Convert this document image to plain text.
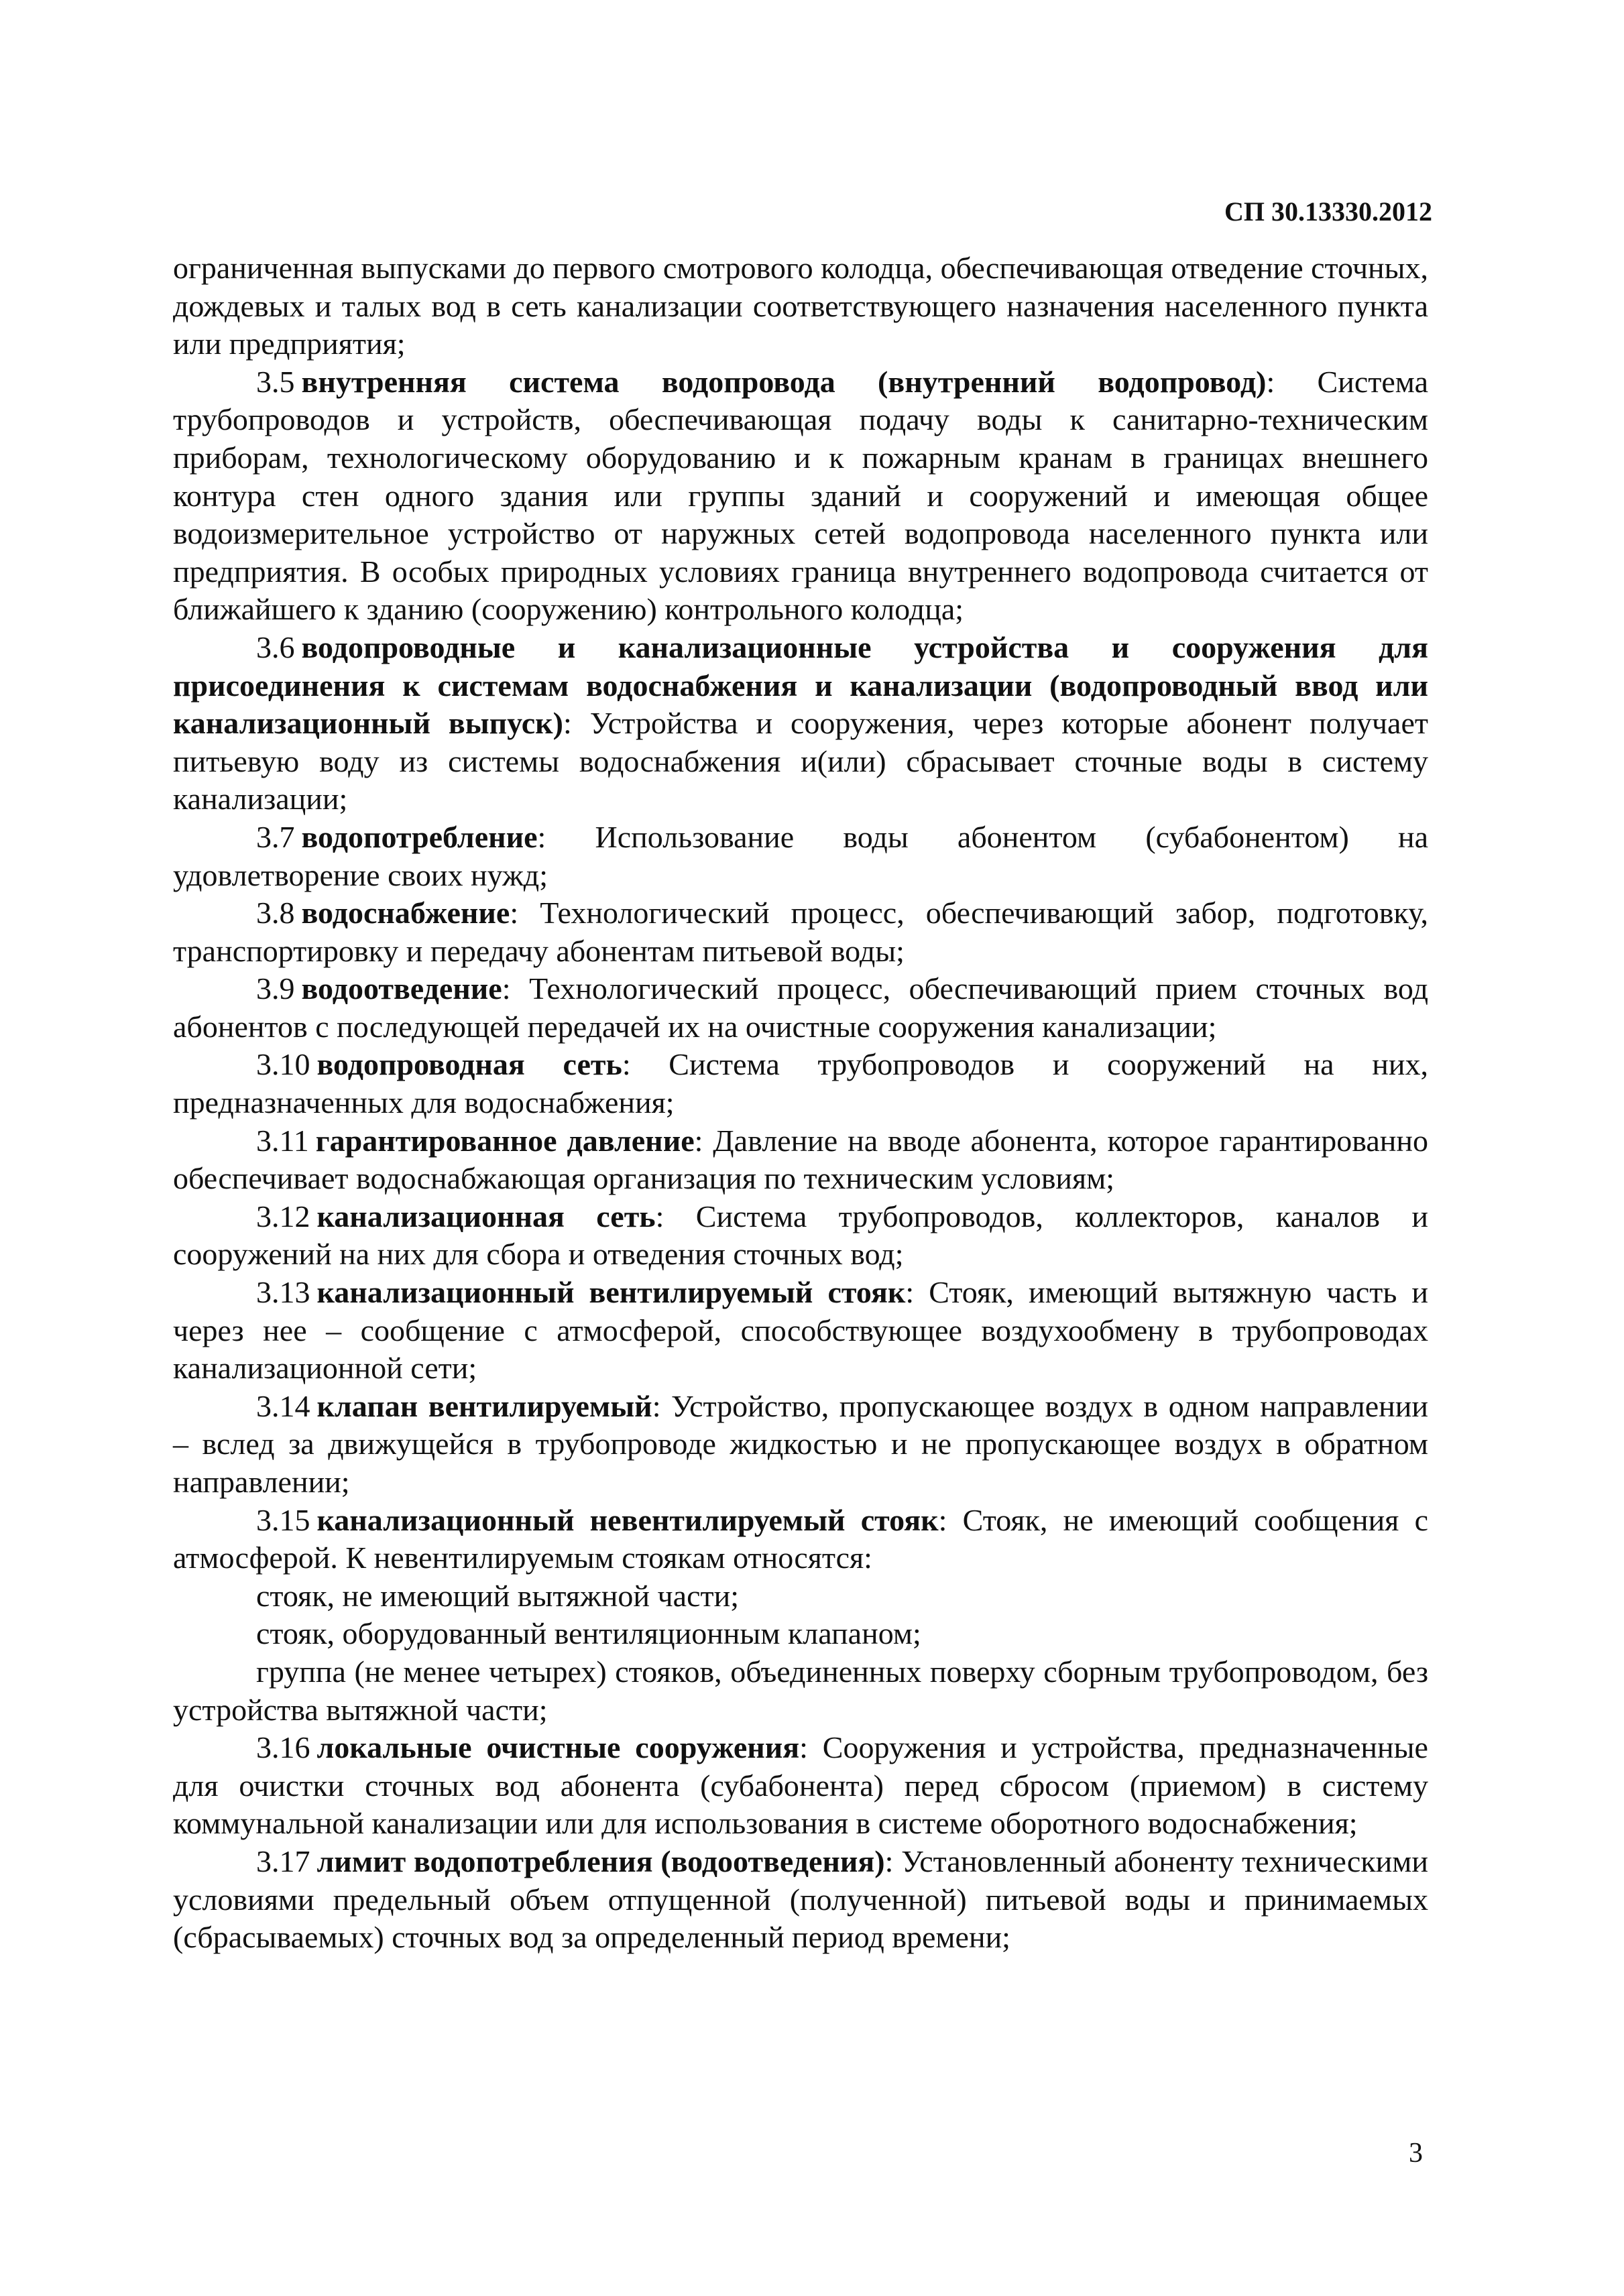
СП 30.13330.2012

ограниченная выпусками до первого смотрового колодца, обеспечивающая отведение сточных, дождевых и талых вод в сеть канализации соответствующего назначения населенного пункта или предприятия;

3.5 внутренняя система водопровода (внутренний водопровод): Система трубопроводов и устройств, обеспечивающая подачу воды к санитарно-техническим приборам, технологическому оборудованию и к пожарным кранам в границах внешнего контура стен одного здания или группы зданий и сооружений и имеющая общее водоизмерительное устройство от наружных сетей водопровода населенного пункта или предприятия. В особых природных условиях граница внутреннего водопровода считается от ближайшего к зданию (сооружению) контрольного колодца;

3.6 водопроводные и канализационные устройства и сооружения для присоединения к системам водоснабжения и канализации (водопроводный ввод или канализационный выпуск): Устройства и сооружения, через которые абонент получает питьевую воду из системы водоснабжения и(или) сбрасывает сточные воды в систему канализации;

3.7 водопотребление: Использование воды абонентом (субабонентом) на удовлетворение своих нужд;

3.8 водоснабжение: Технологический процесс, обеспечивающий забор, подготовку, транспортировку и передачу абонентам питьевой воды;

3.9 водоотведение: Технологический процесс, обеспечивающий прием сточных вод абонентов с последующей передачей их на очистные сооружения канализации;

3.10 водопроводная сеть: Система трубопроводов и сооружений на них, предназначенных для водоснабжения;

3.11 гарантированное давление: Давление на вводе абонента, которое гарантированно обеспечивает водоснабжающая организация по техническим условиям;

3.12 канализационная сеть: Система трубопроводов, коллекторов, каналов и сооружений на них для сбора и отведения сточных вод;

3.13 канализационный вентилируемый стояк: Стояк, имеющий вытяжную часть и через нее – сообщение с атмосферой, способствующее воздухообмену в трубопроводах канализационной сети;

3.14 клапан вентилируемый: Устройство, пропускающее воздух в одном направлении – вслед за движущейся в трубопроводе жидкостью и не пропускающее воздух в обратном направлении;

3.15 канализационный невентилируемый стояк: Стояк, не имеющий сообщения с атмосферой. К невентилируемым стоякам относятся:

стояк, не имеющий вытяжной части;

стояк, оборудованный вентиляционным клапаном;

группа (не менее четырех) стояков, объединенных поверху сборным трубопроводом, без устройства вытяжной части;

3.16 локальные очистные сооружения: Сооружения и устройства, предназначенные для очистки сточных вод абонента (субабонента) перед сбросом (приемом) в систему коммунальной канализации или для использования в системе оборотного водоснабжения;

3.17 лимит водопотребления (водоотведения): Установленный абоненту техническими условиями предельный объем отпущенной (полученной) питьевой воды и принимаемых (сбрасываемых) сточных вод за определенный период времени;

3
